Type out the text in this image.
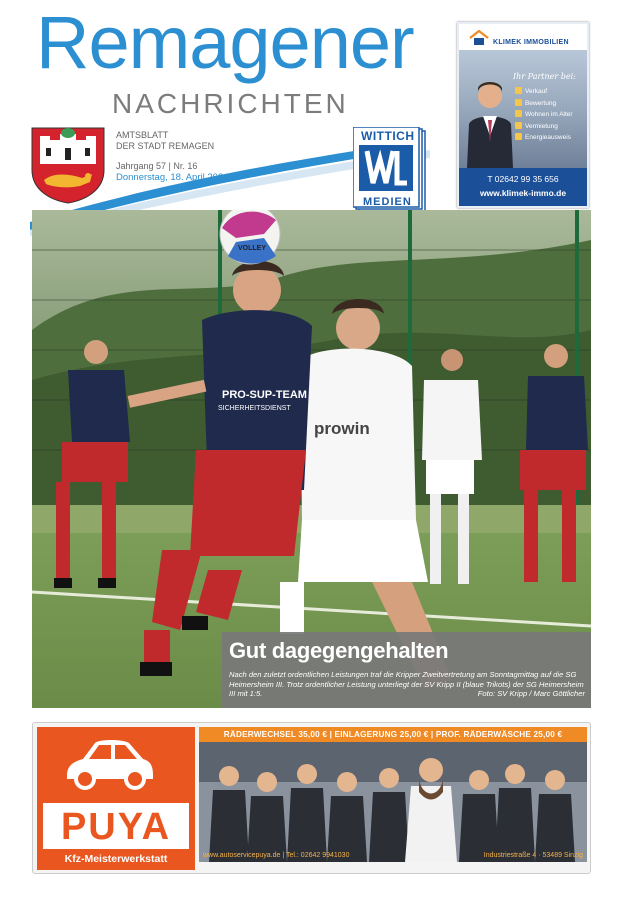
Remagener
NACHRICHTEN
AMTSBLATT
DER STADT REMAGEN
Jahrgang 57 | Nr. 16
Donnerstag, 18. April 2024
WITTICH
MEDIEN
KLIMEK IMMOBILIEN
Ihr Partner bei:
Verkauf
Bewertung
Wohnen im Alter
Vermietung
Energieausweis
T 02642 99 35 656
www.klimek-immo.de
PRO-SUP-TEAM
SICHERHEITSDIENST
prowin
VOLLEY
Gut dagegengehalten
Nach den zuletzt ordentlichen Leistungen traf die Kripper Zweitvertretung am Sonntagmittag auf die SG Heimersheim III. Trotz ordentlicher Leistung unterliegt der SV Kripp II (blaue Trikots) der SG Heimersheim III mit 1:5.	Foto: SV Kripp / Marc Göttlicher
PUYA
Kfz-Meisterwerkstatt
RÄDERWECHSEL 35,00 € | EINLAGERUNG 25,00 € | PROF. RÄDERWÄSCHE 25,00 €
www.autoservicepuya.de | Tel.: 02642 9941030	Industriestraße 4 · 53489 Sinzig
